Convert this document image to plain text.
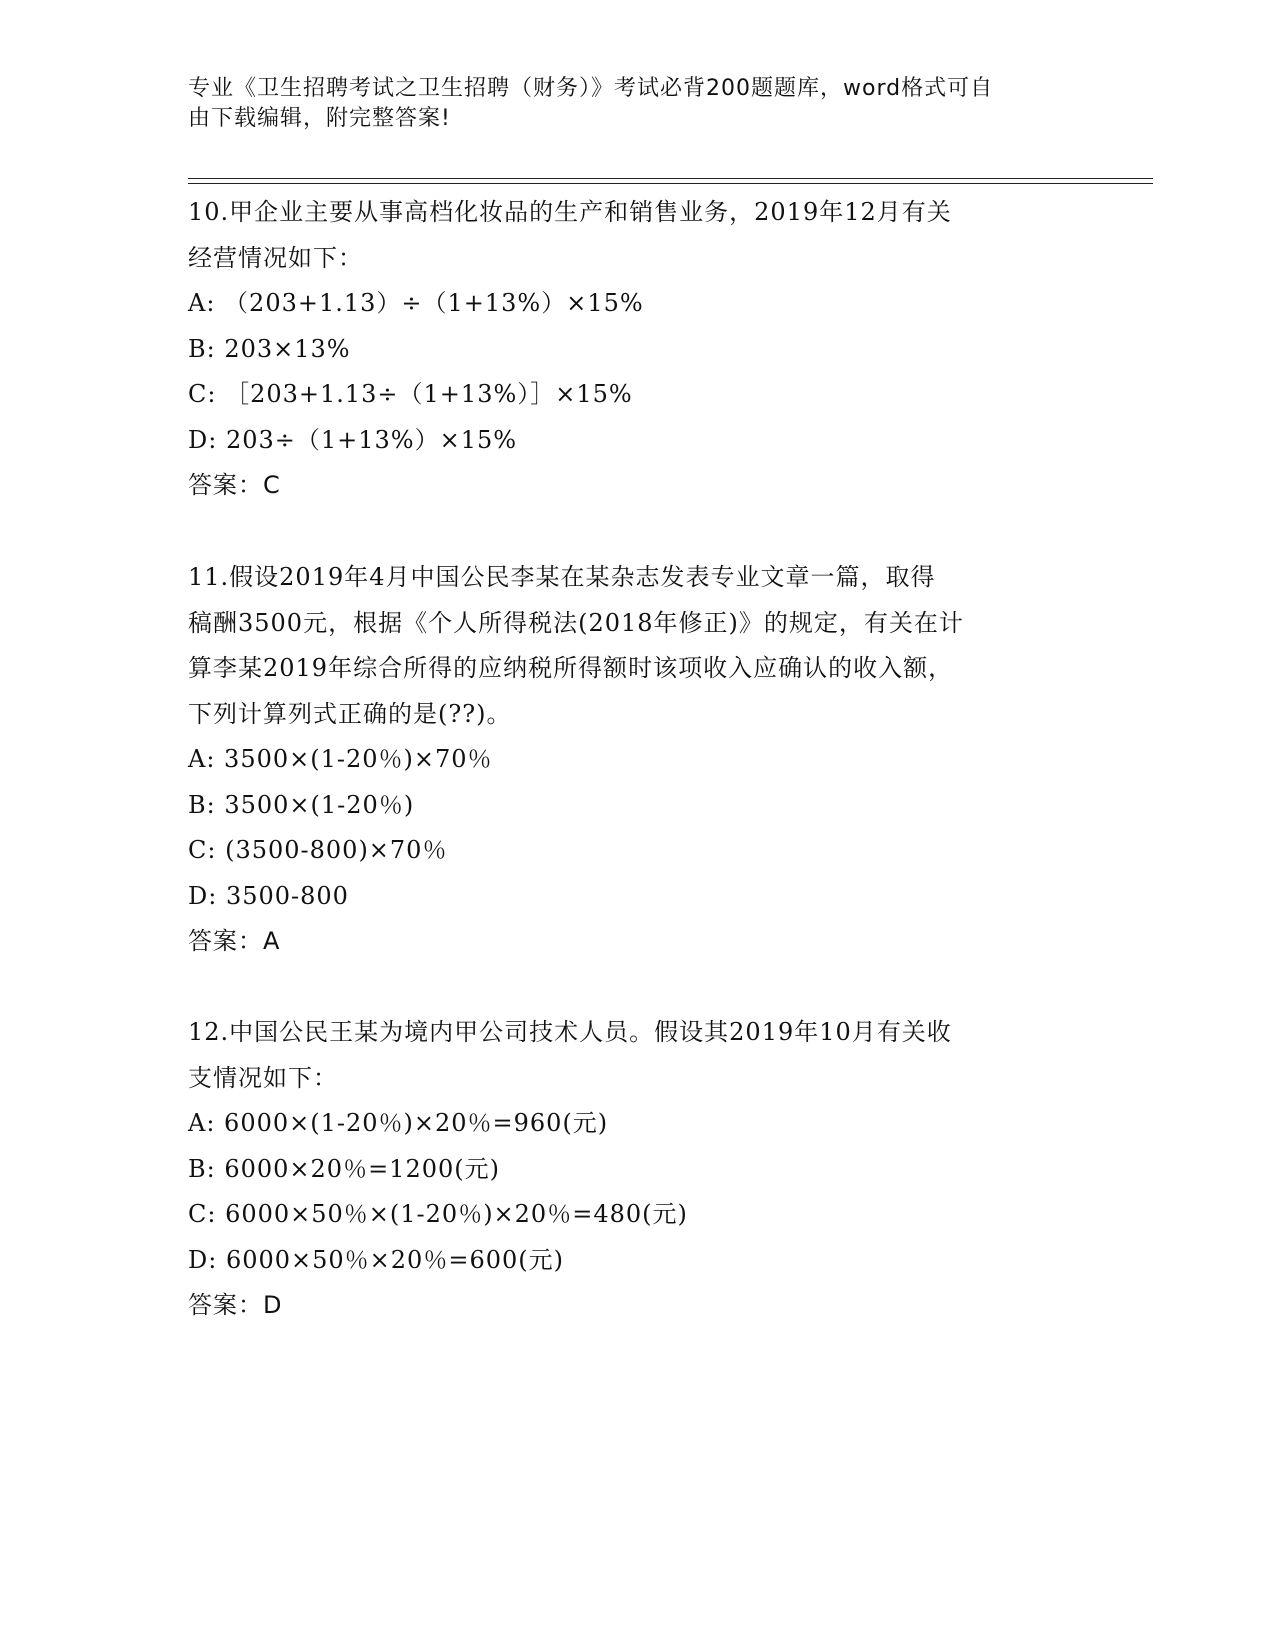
专业《卫生招聘考试之卫生招聘（财务）》考试必背200题题库，word格式可自
由下载编辑，附完整答案!
10.甲企业主要从事高档化妆品的生产和销售业务，2019年12月有关
经营情况如下：
A: （203+1.13）÷（1+13%）×15%
B: 203×13%
C: ［203+1.13÷（1+13%）］×15%
D: 203÷（1+13%）×15%
答案：C
11.假设2019年4月中国公民李某在某杂志发表专业文章一篇，取得
稿酬3500元，根据《个人所得税法(2018年修正)》的规定，有关在计
算李某2019年综合所得的应纳税所得额时该项收入应确认的收入额，
下列计算列式正确的是(??)。
A: 3500×(1-20％)×70％
B: 3500×(1-20％)
C: (3500-800)×70％
D: 3500-800
答案：A
12.中国公民王某为境内甲公司技术人员。假设其2019年10月有关收
支情况如下：
A: 6000×(1-20％)×20％=960(元)
B: 6000×20％=1200(元)
C: 6000×50％×(1-20％)×20％=480(元)
D: 6000×50％×20％=600(元)
答案：D
